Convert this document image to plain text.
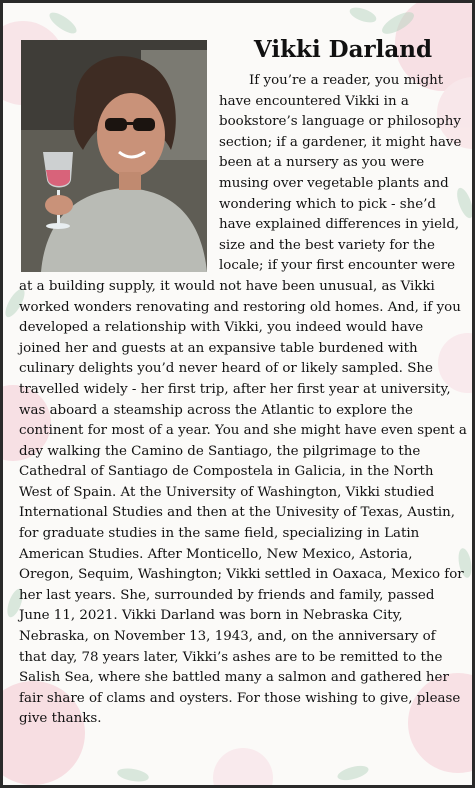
Vikki Darland

If you’re a reader, you might have encountered Vikki in a bookstore’s language or philosophy section; if a gardener, it might have been at a nursery as you were musing over vegetable plants and wondering which to pick - she’d have explained differences in yield, size and the best variety for the locale; if your first encounter were at a building supply, it would not have been unusual, as Vikki worked wonders renovating and restoring old homes. And, if you developed a relationship with Vikki, you indeed would have joined her and guests at an expansive table burdened with culinary delights you’d never heard of or likely sampled. She travelled widely - her first trip, after her first year at university, was aboard a steamship across the Atlantic to explore the continent for most of a year. You and she might have even spent a day walking the Camino de Santiago, the pilgrimage to the Cathedral of Santiago de Compostela in Galicia, in the North West of Spain. At the University of Washington, Vikki studied International Studies and then at the Univesity of Texas, Austin, for graduate studies in the same field, specializing in Latin American Studies. After Monticello, New Mexico, Astoria, Oregon, Sequim, Washington; Vikki settled in Oaxaca, Mexico for her last years. She, surrounded by friends and family, passed June 11, 2021. Vikki Darland was born in Nebraska City, Nebraska, on November 13, 1943, and, on the anniversary of that day, 78 years later, Vikki’s ashes are to be remitted to the Salish Sea, where she battled many a salmon and gathered her fair share of clams and oysters. For those wishing to give, please give thanks.
